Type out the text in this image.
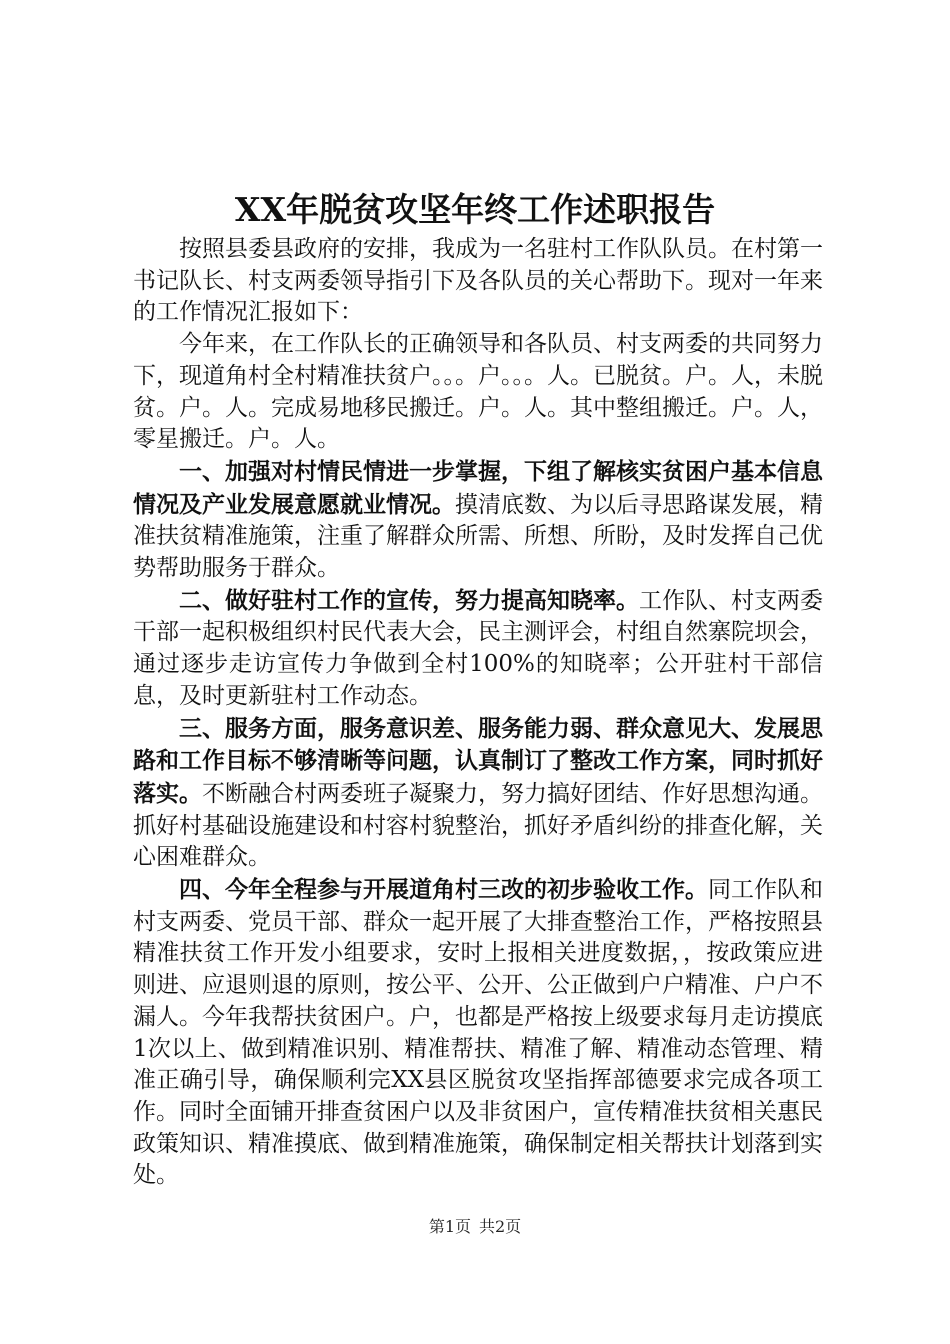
XX年脱贫攻坚年终工作述职报告

按照县委县政府的安排，我成为一名驻村工作队队员。在村第一书记队长、村支两委领导指引下及各队员的关心帮助下。现对一年来的工作情况汇报如下：

今年来，在工作队长的正确领导和各队员、村支两委的共同努力下，现道角村全村精准扶贫户。。。户。。。人。已脱贫。户。人，未脱贫。户。人。完成易地移民搬迁。户。人。其中整组搬迁。户。人，零星搬迁。户。人。

一、加强对村情民情进一步掌握，下组了解核实贫困户基本信息情况及产业发展意愿就业情况。摸清底数、为以后寻思路谋发展，精准扶贫精准施策，注重了解群众所需、所想、所盼，及时发挥自己优势帮助服务于群众。

二、做好驻村工作的宣传，努力提高知晓率。工作队、村支两委干部一起积极组织村民代表大会，民主测评会，村组自然寨院坝会，通过逐步走访宣传力争做到全村100%的知晓率；公开驻村干部信息，及时更新驻村工作动态。

三、服务方面，服务意识差、服务能力弱、群众意见大、发展思路和工作目标不够清晰等问题，认真制订了整改工作方案，同时抓好落实。不断融合村两委班子凝聚力，努力搞好团结、作好思想沟通。抓好村基础设施建设和村容村貌整治，抓好矛盾纠纷的排查化解，关心困难群众。

四、今年全程参与开展道角村三改的初步验收工作。同工作队和村支两委、党员干部、群众一起开展了大排查整治工作，严格按照县精准扶贫工作开发小组要求，安时上报相关进度数据，，按政策应进则进、应退则退的原则，按公平、公开、公正做到户户精准、户户不漏人。今年我帮扶贫困户。户，也都是严格按上级要求每月走访摸底1次以上、做到精准识别、精准帮扶、精准了解、精准动态管理、精准正确引导，确保顺利完XX县区脱贫攻坚指挥部德要求完成各项工作。同时全面铺开排查贫困户以及非贫困户，宣传精准扶贫相关惠民政策知识、精准摸底、做到精准施策，确保制定相关帮扶计划落到实处。

第1页 共2页
